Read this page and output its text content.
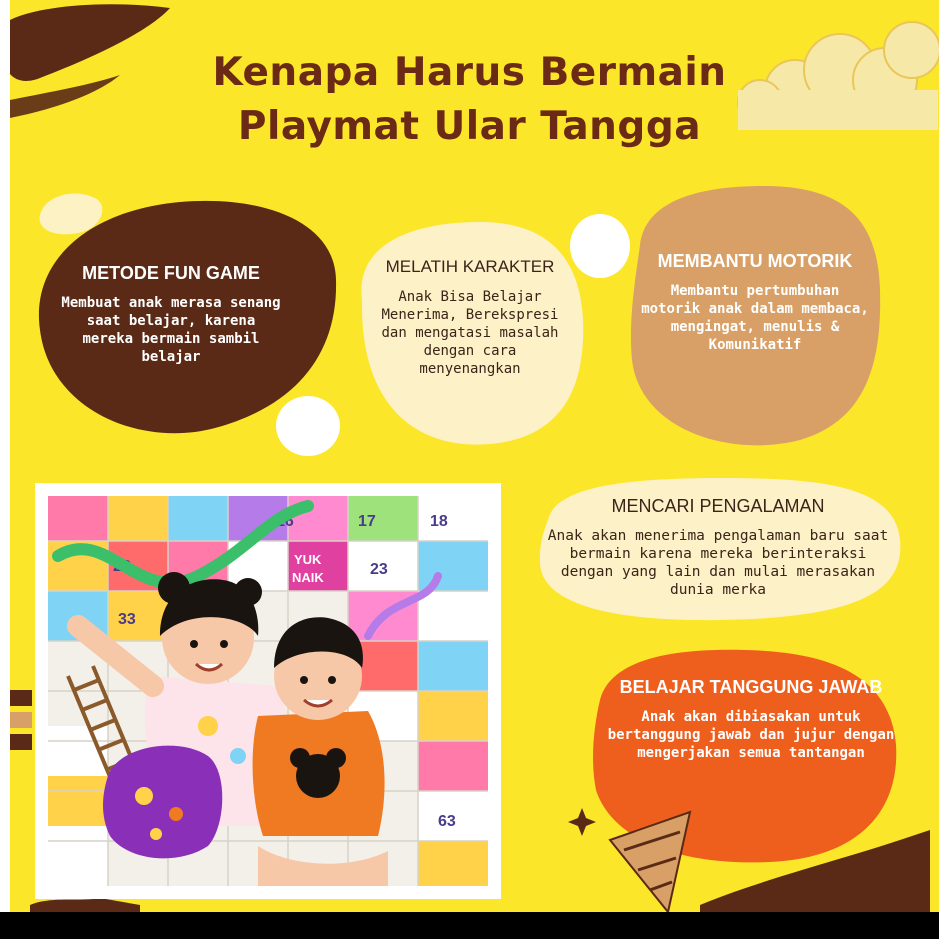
Kenapa Harus Bermain
Playmat Ular Tangga
METODE FUN GAME

Membuat anak merasa senang saat belajar, karena mereka bermain sambil belajar

MELATIH KARAKTER

Anak Bisa Belajar Menerima, Berekspresi dan mengatasi masalah dengan cara menyenangkan

MEMBANTU MOTORIK

Membantu pertumbuhan motorik anak dalam membaca, mengingat, menulis & Komunikatif

MENCARI PENGALAMAN

Anak akan menerima pengalaman baru saat bermain karena mereka berinteraksi dengan yang lain dan mulai merasakan dunia merka

BELAJAR TANGGUNG JAWAB

Anak akan dibiasakan untuk bertanggung jawab dan jujur dengan mengerjakan semua tantangan

16	17	18
23
28
33
63
YUK
NAIK
